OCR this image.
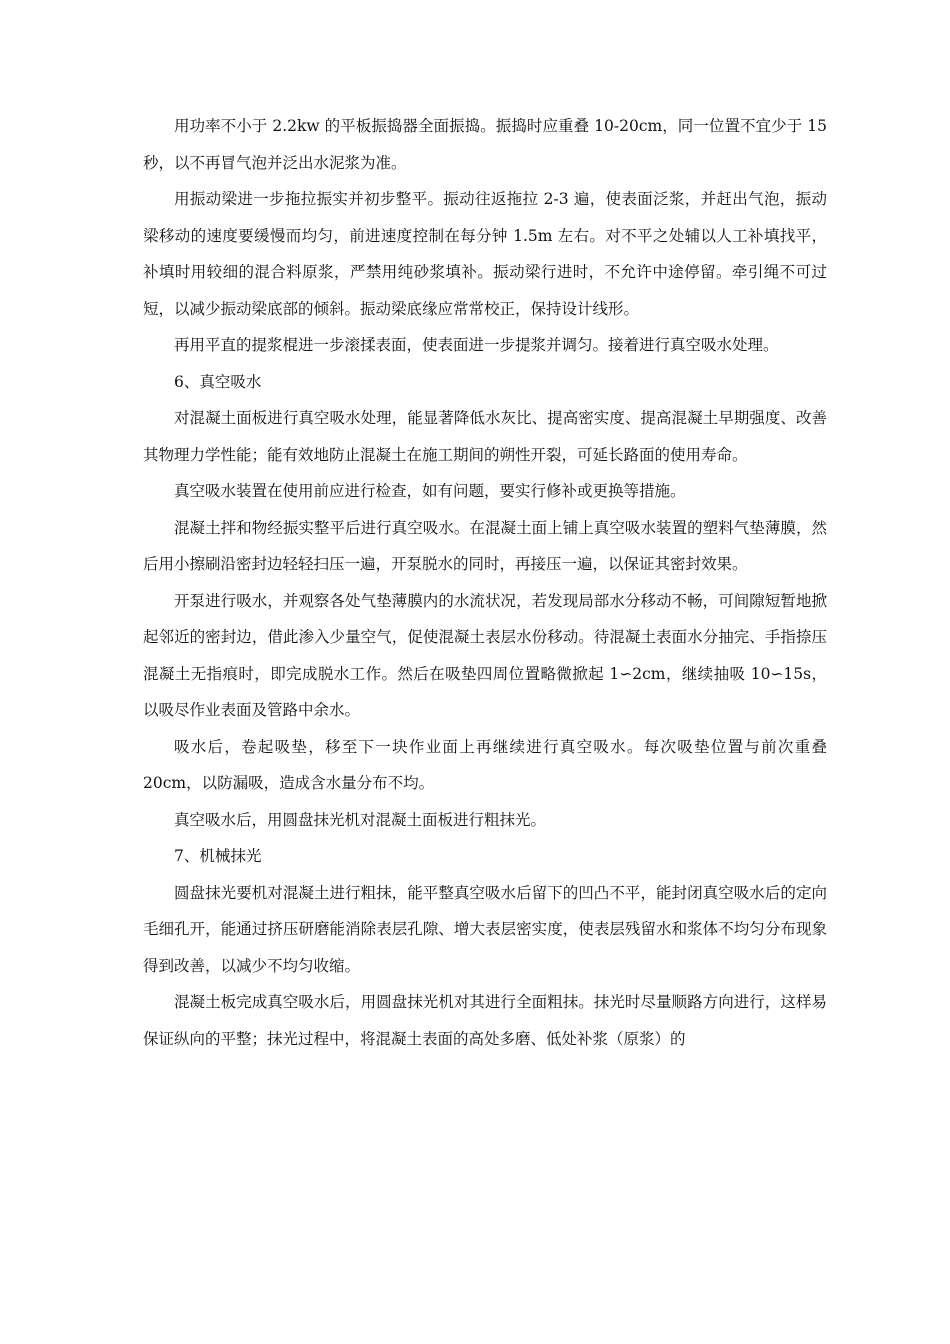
用功率不小于 2.2kw 的平板振捣器全面振捣。振捣时应重叠 10-20cm，同一位置不宜少于 15 秒，以不再冒气泡并泛出水泥浆为准。

用振动梁进一步拖拉振实并初步整平。振动往返拖拉 2-3 遍，使表面泛浆，并赶出气泡，振动梁移动的速度要缓慢而均匀，前进速度控制在每分钟 1.5m 左右。对不平之处辅以人工补填找平，补填时用较细的混合料原浆，严禁用纯砂浆填补。振动梁行进时，不允许中途停留。牵引绳不可过短，以减少振动梁底部的倾斜。振动梁底缘应常常校正，保持设计线形。

再用平直的提浆棍进一步滚揉表面，使表面进一步提浆并调匀。接着进行真空吸水处理。

6、真空吸水

对混凝土面板进行真空吸水处理，能显著降低水灰比、提高密实度、提高混凝土早期强度、改善其物理力学性能；能有效地防止混凝土在施工期间的朔性开裂，可延长路面的使用寿命。

真空吸水装置在使用前应进行检查，如有问题，要实行修补或更换等措施。

混凝土拌和物经振实整平后进行真空吸水。在混凝土面上铺上真空吸水装置的塑料气垫薄膜，然后用小擦刷沿密封边轻轻扫压一遍，开泵脱水的同时，再接压一遍，以保证其密封效果。

开泵进行吸水，并观察各处气垫薄膜内的水流状况，若发现局部水分移动不畅，可间隙短暂地掀起邻近的密封边，借此渗入少量空气，促使混凝土表层水份移动。待混凝土表面水分抽完、手指捺压混凝土无指痕时，即完成脱水工作。然后在吸垫四周位置略微掀起 1∽2cm，继续抽吸 10∽15s，以吸尽作业表面及管路中余水。

吸水后，卷起吸垫，移至下一块作业面上再继续进行真空吸水。每次吸垫位置与前次重叠 20cm，以防漏吸，造成含水量分布不均。

真空吸水后，用圆盘抹光机对混凝土面板进行粗抹光。

7、机械抹光

圆盘抹光要机对混凝土进行粗抹，能平整真空吸水后留下的凹凸不平，能封闭真空吸水后的定向毛细孔开，能通过挤压研磨能消除表层孔隙、增大表层密实度，使表层残留水和浆体不均匀分布现象得到改善，以减少不均匀收缩。

混凝土板完成真空吸水后，用圆盘抹光机对其进行全面粗抹。抹光时尽量顺路方向进行，这样易保证纵向的平整；抹光过程中，将混凝土表面的高处多磨、低处补浆（原浆）的
